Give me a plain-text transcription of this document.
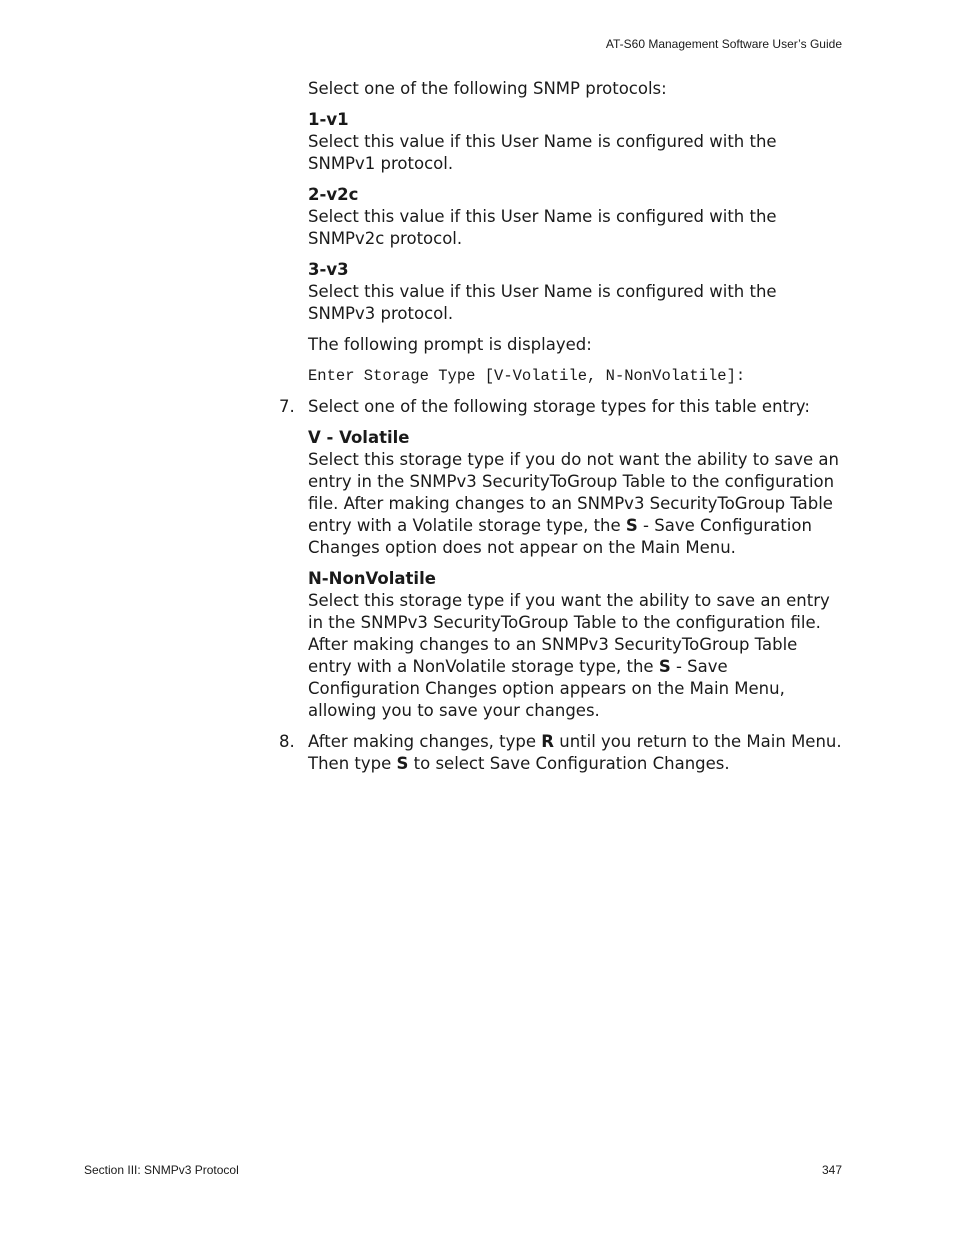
AT-S60 Management Software User’s Guide

Select one of the following SNMP protocols:

1-v1
Select this value if this User Name is configured with the SNMPv1 protocol.

2-v2c
Select this value if this User Name is configured with the SNMPv2c protocol.

3-v3
Select this value if this User Name is configured with the SNMPv3 protocol.

The following prompt is displayed:

Enter Storage Type [V-Volatile, N-NonVolatile]:
7. Select one of the following storage types for this table entry:

V - Volatile
Select this storage type if you do not want the ability to save an entry in the SNMPv3 SecurityToGroup Table to the configuration file. After making changes to an SNMPv3 SecurityToGroup Table entry with a Volatile storage type, the S - Save Configuration Changes option does not appear on the Main Menu.

N-NonVolatile
Select this storage type if you want the ability to save an entry in the SNMPv3 SecurityToGroup Table to the configuration file. After making changes to an SNMPv3 SecurityToGroup Table entry with a NonVolatile storage type, the S - Save Configuration Changes option appears on the Main Menu, allowing you to save your changes.

8. After making changes, type R until you return to the Main Menu. Then type S to select Save Configuration Changes.

Section III: SNMPv3 Protocol	347
